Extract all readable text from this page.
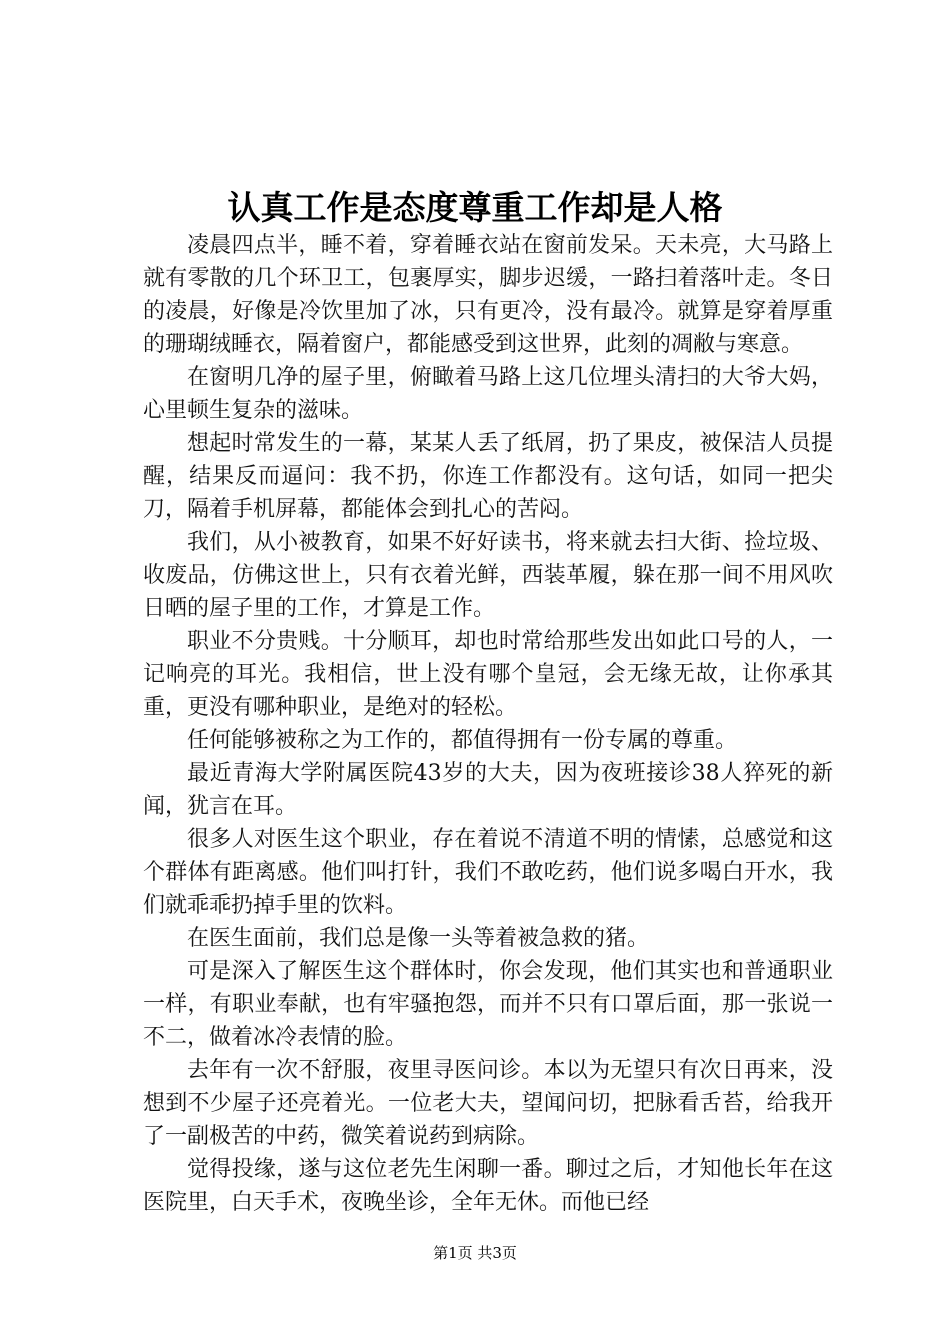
认真工作是态度尊重工作却是人格

凌晨四点半，睡不着，穿着睡衣站在窗前发呆。天未亮，大马路上就有零散的几个环卫工，包裹厚实，脚步迟缓，一路扫着落叶走。冬日的凌晨，好像是冷饮里加了冰，只有更冷，没有最冷。就算是穿着厚重的珊瑚绒睡衣，隔着窗户，都能感受到这世界，此刻的凋敝与寒意。

在窗明几净的屋子里，俯瞰着马路上这几位埋头清扫的大爷大妈，心里顿生复杂的滋味。

想起时常发生的一幕，某某人丢了纸屑，扔了果皮，被保洁人员提醒，结果反而逼问：我不扔，你连工作都没有。这句话，如同一把尖刀，隔着手机屏幕，都能体会到扎心的苦闷。

我们，从小被教育，如果不好好读书，将来就去扫大街、捡垃圾、收废品，仿佛这世上，只有衣着光鲜，西装革履，躲在那一间不用风吹日晒的屋子里的工作，才算是工作。

职业不分贵贱。十分顺耳，却也时常给那些发出如此口号的人，一记响亮的耳光。我相信，世上没有哪个皇冠，会无缘无故，让你承其重，更没有哪种职业，是绝对的轻松。

任何能够被称之为工作的，都值得拥有一份专属的尊重。

最近青海大学附属医院43岁的大夫，因为夜班接诊38人猝死的新闻，犹言在耳。

很多人对医生这个职业，存在着说不清道不明的情愫，总感觉和这个群体有距离感。他们叫打针，我们不敢吃药，他们说多喝白开水，我们就乖乖扔掉手里的饮料。

在医生面前，我们总是像一头等着被急救的猪。

可是深入了解医生这个群体时，你会发现，他们其实也和普通职业一样，有职业奉献，也有牢骚抱怨，而并不只有口罩后面，那一张说一不二，做着冰冷表情的脸。

去年有一次不舒服，夜里寻医问诊。本以为无望只有次日再来，没想到不少屋子还亮着光。一位老大夫，望闻问切，把脉看舌苔，给我开了一副极苦的中药，微笑着说药到病除。

觉得投缘，遂与这位老先生闲聊一番。聊过之后，才知他长年在这医院里，白天手术，夜晚坐诊，全年无休。而他已经

第1页 共3页
